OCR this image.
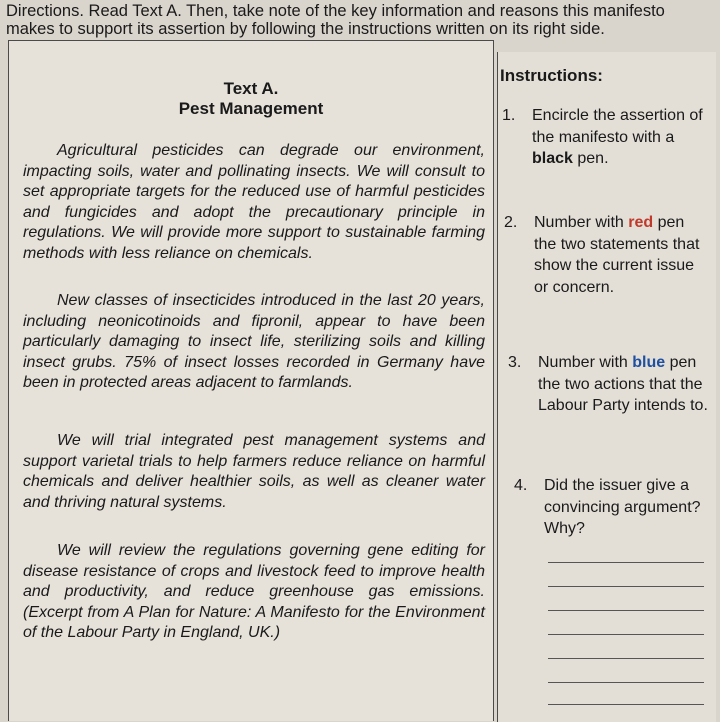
Directions. Read Text A. Then, take note of the key information and reasons this manifesto makes to support its assertion by following the instructions written on its right side.
Text A.
Pest Management
Agricultural pesticides can degrade our environment, impacting soils, water and pollinating insects. We will consult to set appropriate targets for the reduced use of harmful pesticides and fungicides and adopt the precautionary principle in regulations. We will provide more support to sustainable farming methods with less reliance on chemicals.
New classes of insecticides introduced in the last 20 years, including neonicotinoids and fipronil, appear to have been particularly damaging to insect life, sterilizing soils and killing insect grubs. 75% of insect losses recorded in Germany have been in protected areas adjacent to farmlands.
We will trial integrated pest management systems and support varietal trials to help farmers reduce reliance on harmful chemicals and deliver healthier soils, as well as cleaner water and thriving natural systems.
We will review the regulations governing gene editing for disease resistance of crops and livestock feed to improve health and productivity, and reduce greenhouse gas emissions. (Excerpt from A Plan for Nature: A Manifesto for the Environment of the Labour Party in England, UK.)
Instructions:
1. Encircle the assertion of the manifesto with a black pen.
2. Number with red pen the two statements that show the current issue or concern.
3. Number with blue pen the two actions that the Labour Party intends to.
4. Did the issuer give a convincing argument? Why?
